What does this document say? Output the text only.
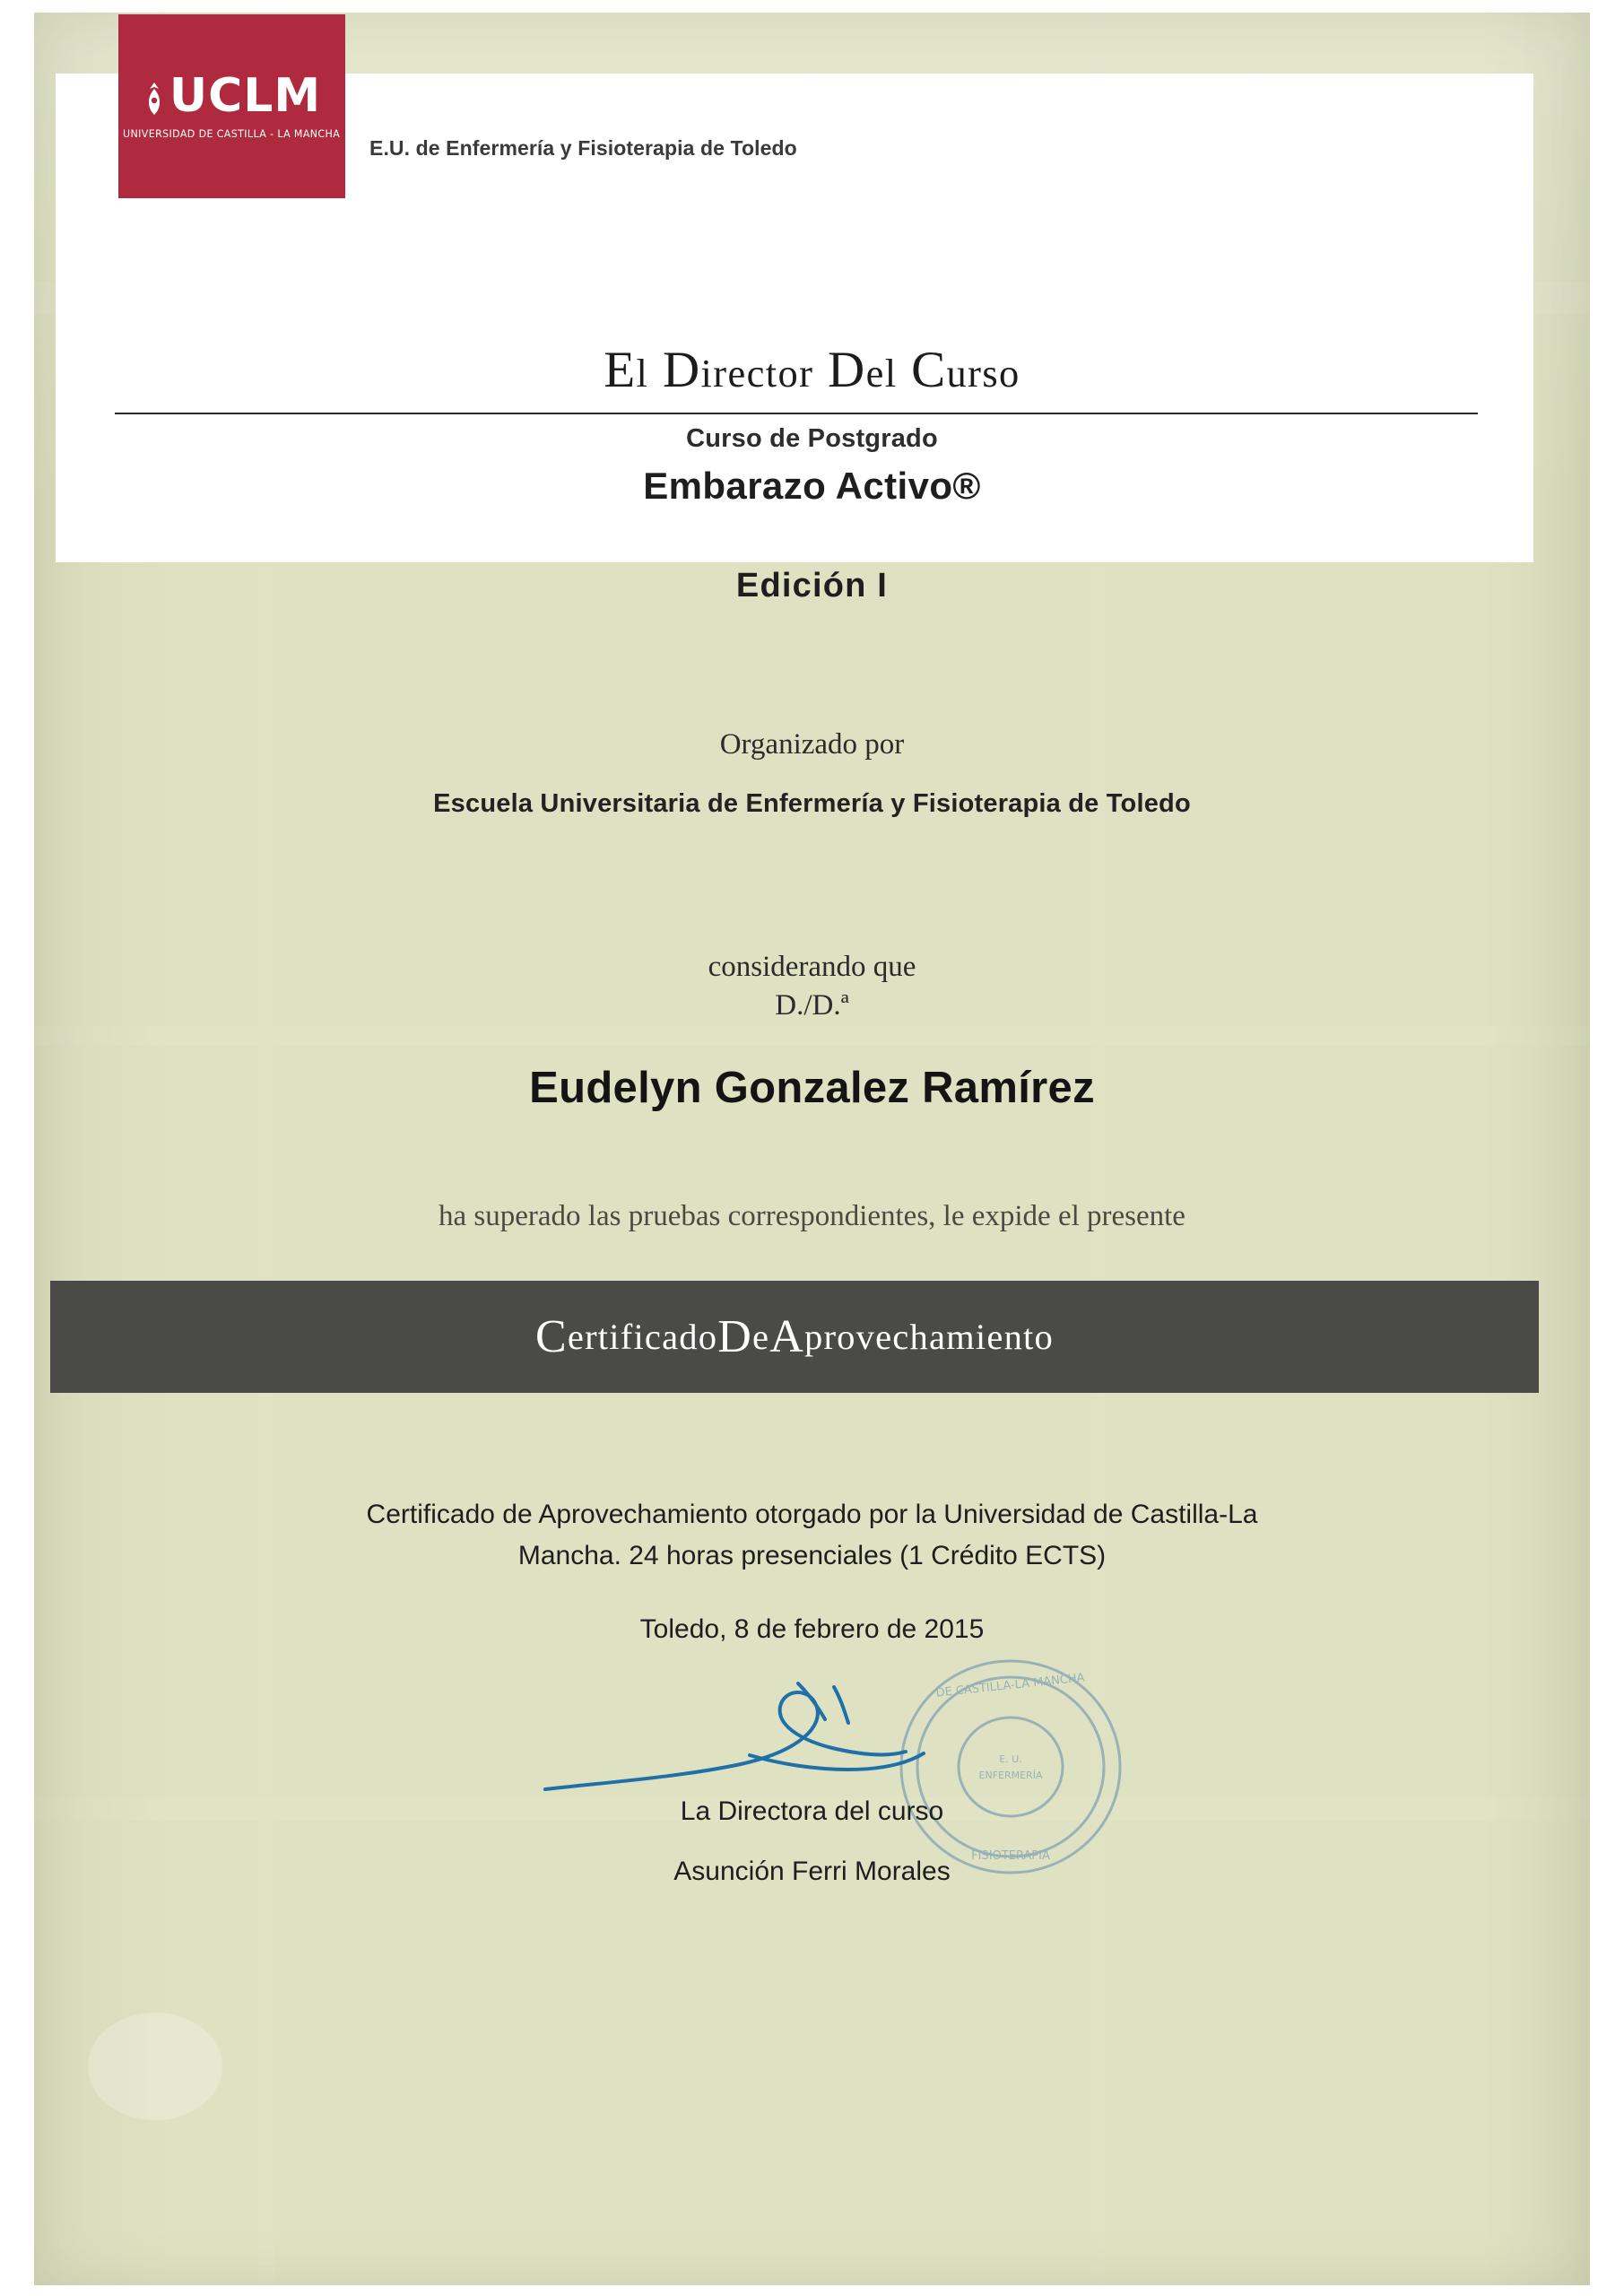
UCLM
UNIVERSIDAD DE CASTILLA - LA MANCHA
E.U. de Enfermería y Fisioterapia de Toledo
El Director Del Curso
Curso de Postgrado
Embarazo Activo®
Edición I
Organizado por
Escuela Universitaria de Enfermería y Fisioterapia de Toledo
considerando que
D./D.ª
Eudelyn Gonzalez Ramírez
ha superado las pruebas correspondientes, le expide el presente
C ertificado D e A provechamiento
Certificado de Aprovechamiento otorgado por la Universidad de Castilla-La
Mancha. 24 horas presenciales (1 Crédito ECTS)
Toledo, 8 de febrero de 2015
DE CASTILLA-LA MANCHA
FISIOTERAPIA
E. U.
ENFERMERÍA
La Directora del curso
Asunción Ferri Morales
